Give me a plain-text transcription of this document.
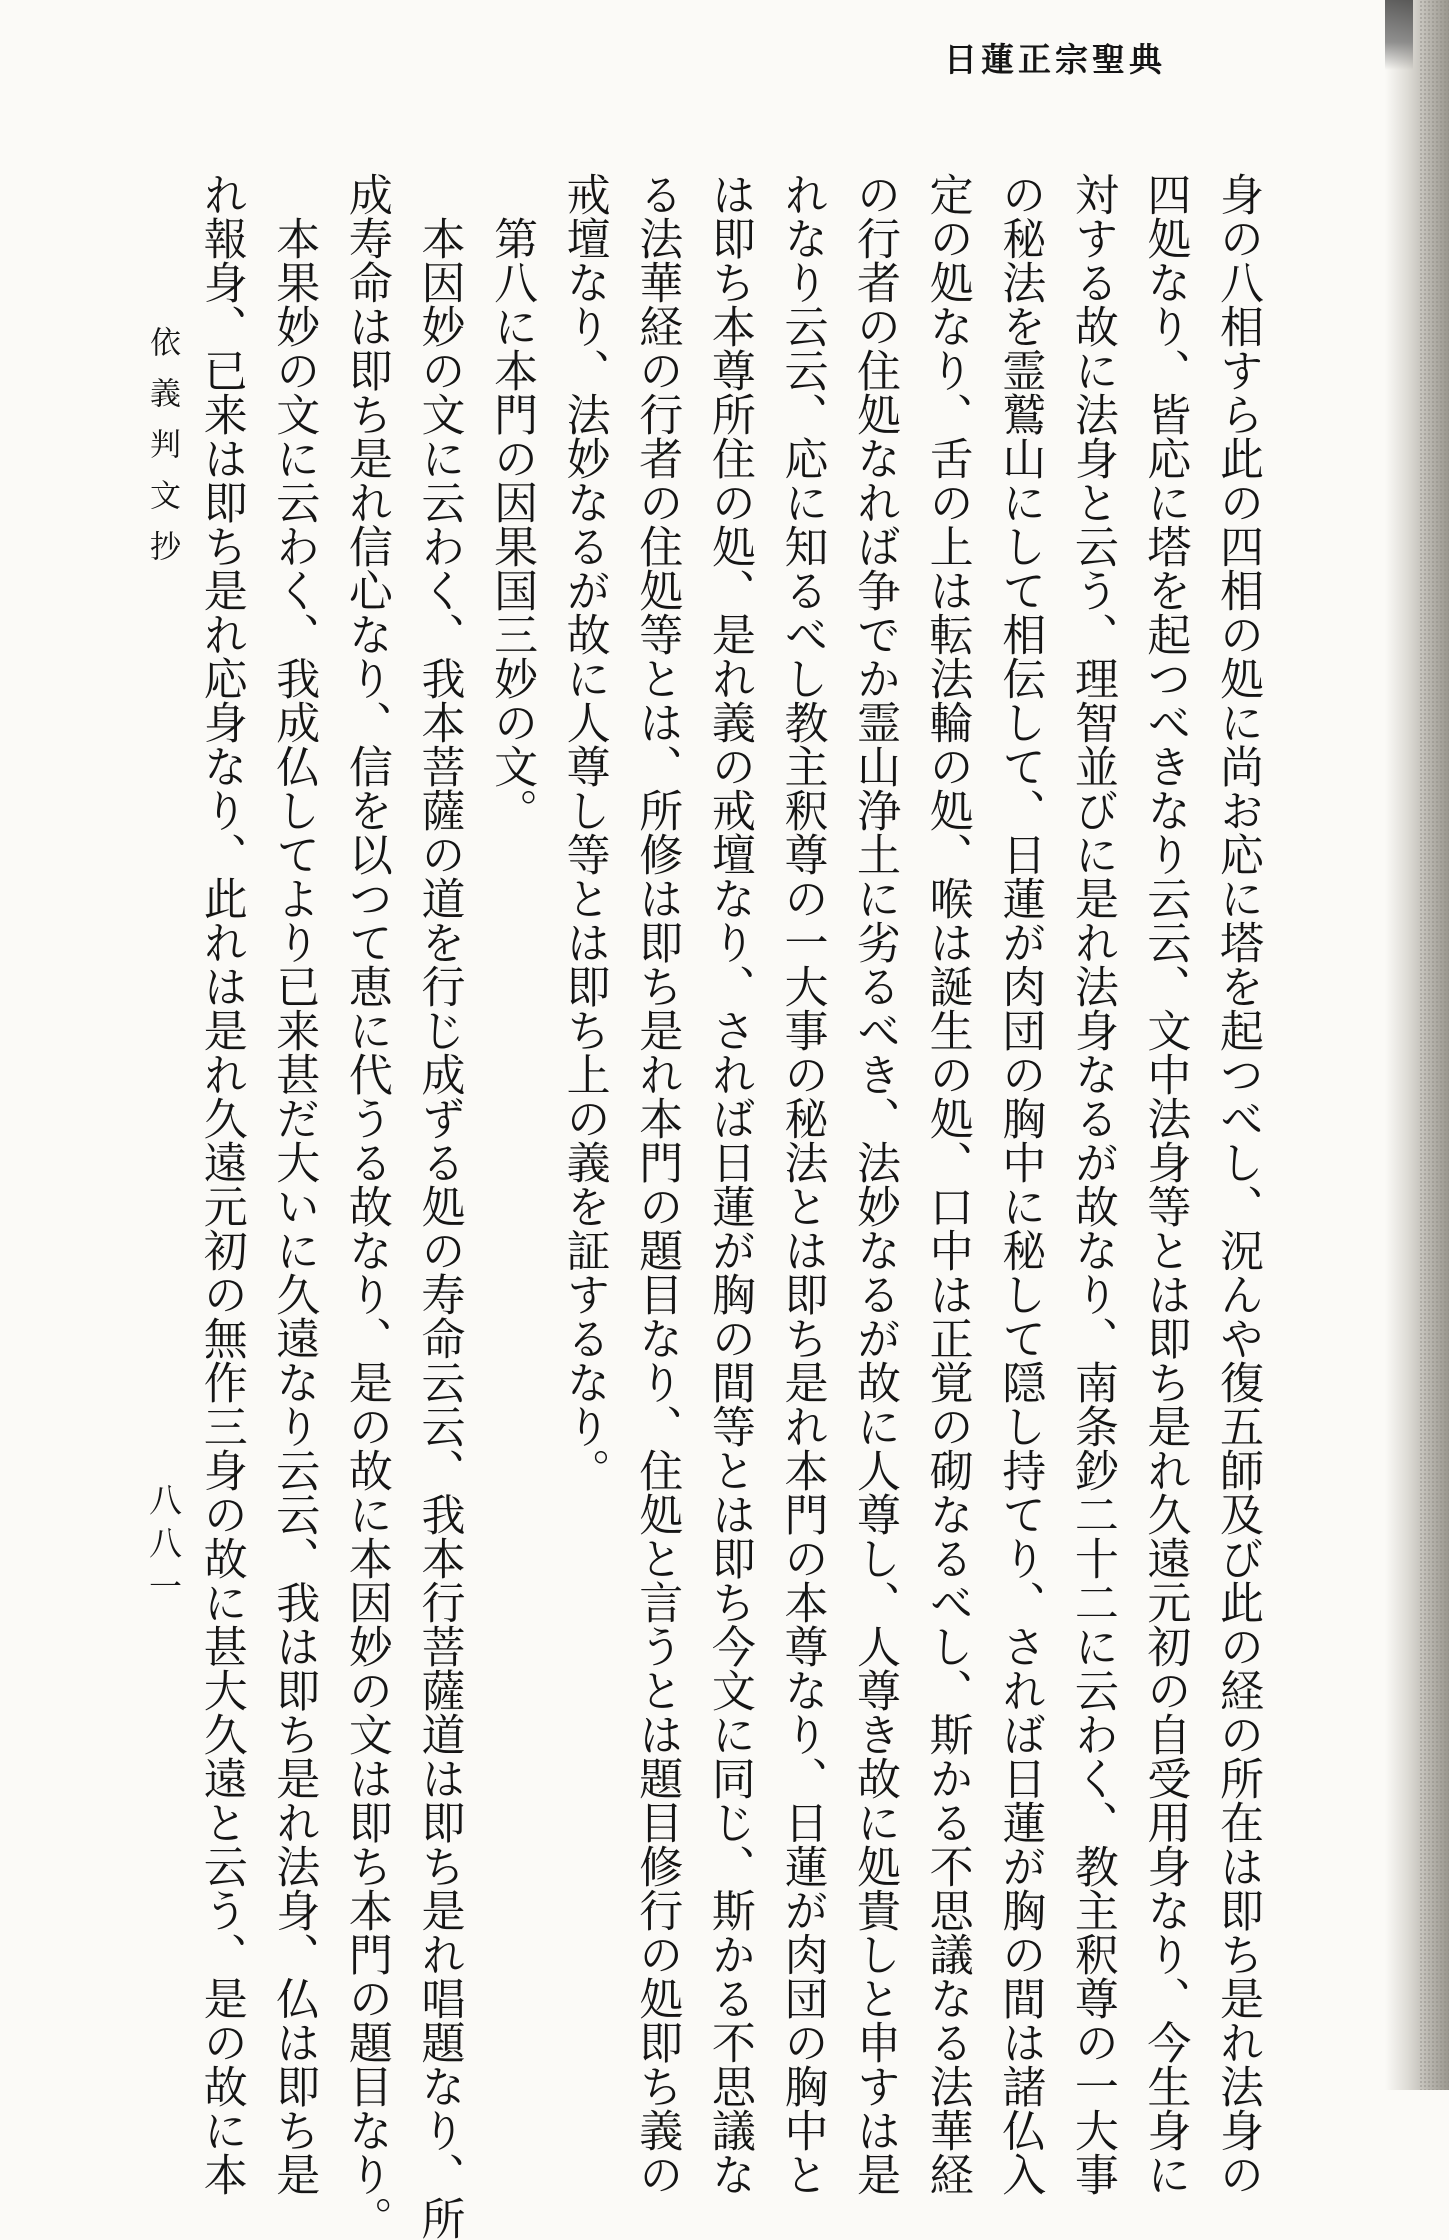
日蓮正宗聖典
身の八相すら此の四相の処に尚お応に塔を起つべし、況んや復五師及び此の経の所在は即ち是れ法身の
四処なり、皆応に塔を起つべきなり云云、文中法身等とは即ち是れ久遠元初の自受用身なり、今生身に
対する故に法身と云う、理智並びに是れ法身なるが故なり、南条鈔二十二に云わく、教主釈尊の一大事
の秘法を霊鷲山にして相伝して、日蓮が肉団の胸中に秘して隠し持てり、されば日蓮が胸の間は諸仏入
定の処なり、舌の上は転法輪の処、喉は誕生の処、口中は正覚の砌なるべし、斯かる不思議なる法華経
の行者の住処なれば争でか霊山浄土に劣るべき、法妙なるが故に人尊し、人尊き故に処貴しと申すは是
れなり云云、応に知るべし教主釈尊の一大事の秘法とは即ち是れ本門の本尊なり、日蓮が肉団の胸中と
は即ち本尊所住の処、是れ義の戒壇なり、されば日蓮が胸の間等とは即ち今文に同じ、斯かる不思議な
る法華経の行者の住処等とは、所修は即ち是れ本門の題目なり、住処と言うとは題目修行の処即ち義の
戒壇なり、法妙なるが故に人尊し等とは即ち上の義を証するなり。
第八に本門の因果国三妙の文。
本因妙の文に云わく、我本菩薩の道を行じ成ずる処の寿命云云、我本行菩薩道は即ち是れ唱題なり、所
成寿命は即ち是れ信心なり、信を以つて恵に代うる故なり、是の故に本因妙の文は即ち本門の題目なり。
本果妙の文に云わく、我成仏してより已来甚だ大いに久遠なり云云、我は即ち是れ法身、仏は即ち是
れ報身、已来は即ち是れ応身なり、此れは是れ久遠元初の無作三身の故に甚大久遠と云う、是の故に本
依義判文抄
八八一
